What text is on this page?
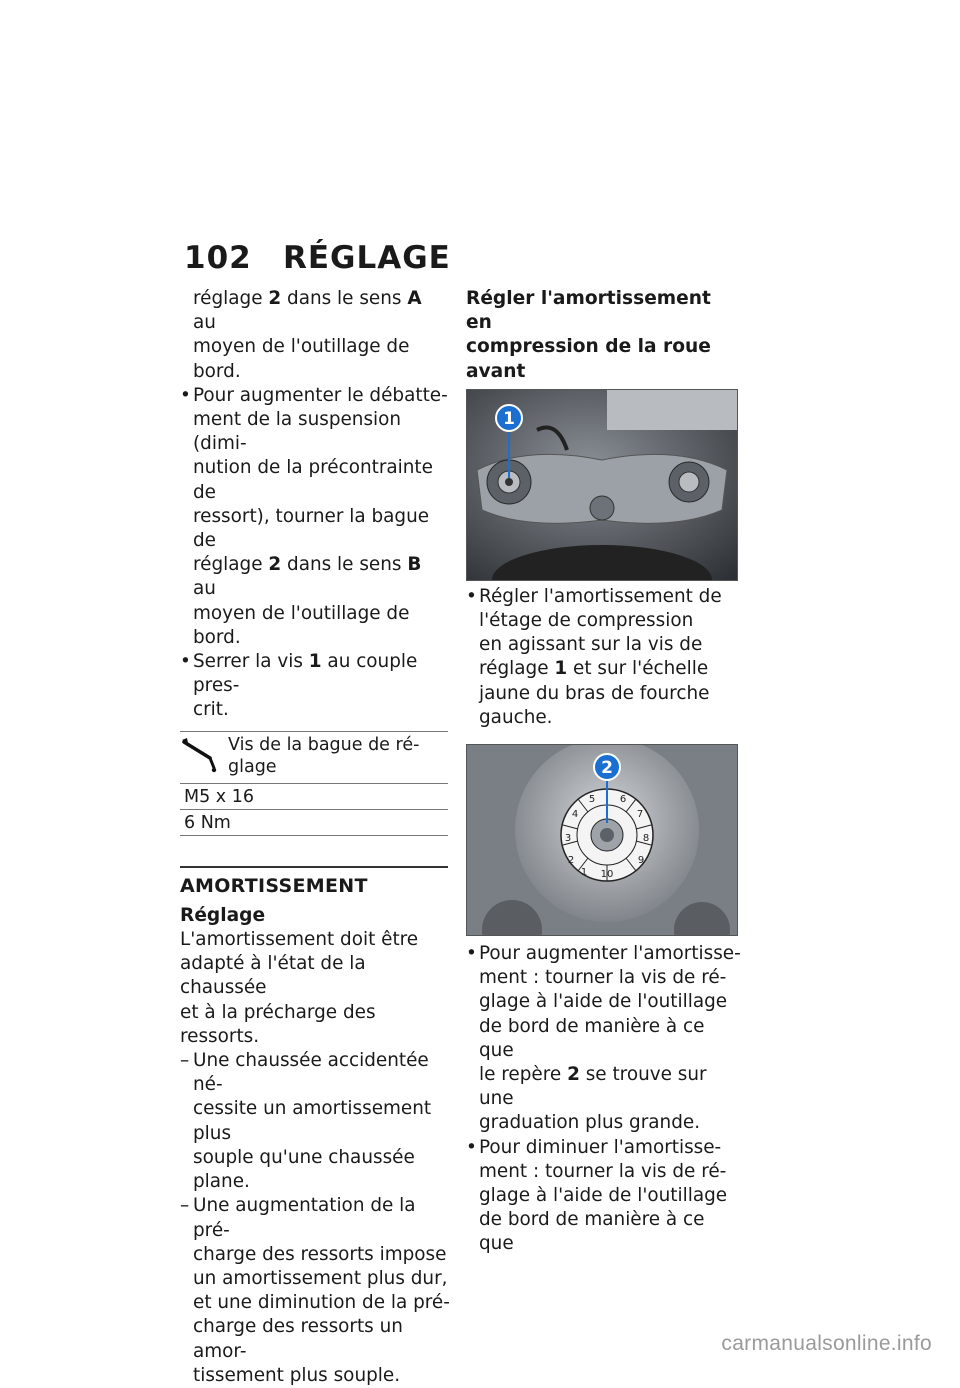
102 RÉGLAGE

réglage 2 dans le sens A au
moyen de l'outillage de bord.

• Pour augmenter le débatte-
ment de la suspension (dimi-
nution de la précontrainte de
ressort), tourner la bague de
réglage 2 dans le sens B au
moyen de l'outillage de bord.
• Serrer la vis 1 au couple pres-
crit.
Vis de la bague de ré-
glage
M5 x 16
6 Nm
AMORTISSEMENT
Réglage

L'amortissement doit être
adapté à l'état de la chaussée
et à la précharge des ressorts.

– Une chaussée accidentée né-
cessite un amortissement plus
souple qu'une chaussée plane.
– Une augmentation de la pré-
charge des ressorts impose
un amortissement plus dur,
et une diminution de la pré-
charge des ressorts un amor-
tissement plus souple.
Régler l'amortissement en
compression de la roue avant
1
• Régler l'amortissement de
l'étage de compression
en agissant sur la vis de
réglage 1 et sur l'échelle
jaune du bras de fourche
gauche.
2
3
4
5 6
7
8
9
10
1
2
• Pour augmenter l'amortisse-
ment : tourner la vis de ré-
glage à l'aide de l'outillage
de bord de manière à ce que
le repère 2 se trouve sur une
graduation plus grande.
• Pour diminuer l'amortisse-
ment : tourner la vis de ré-
glage à l'aide de l'outillage
de bord de manière à ce que
carmanualsonline.info
